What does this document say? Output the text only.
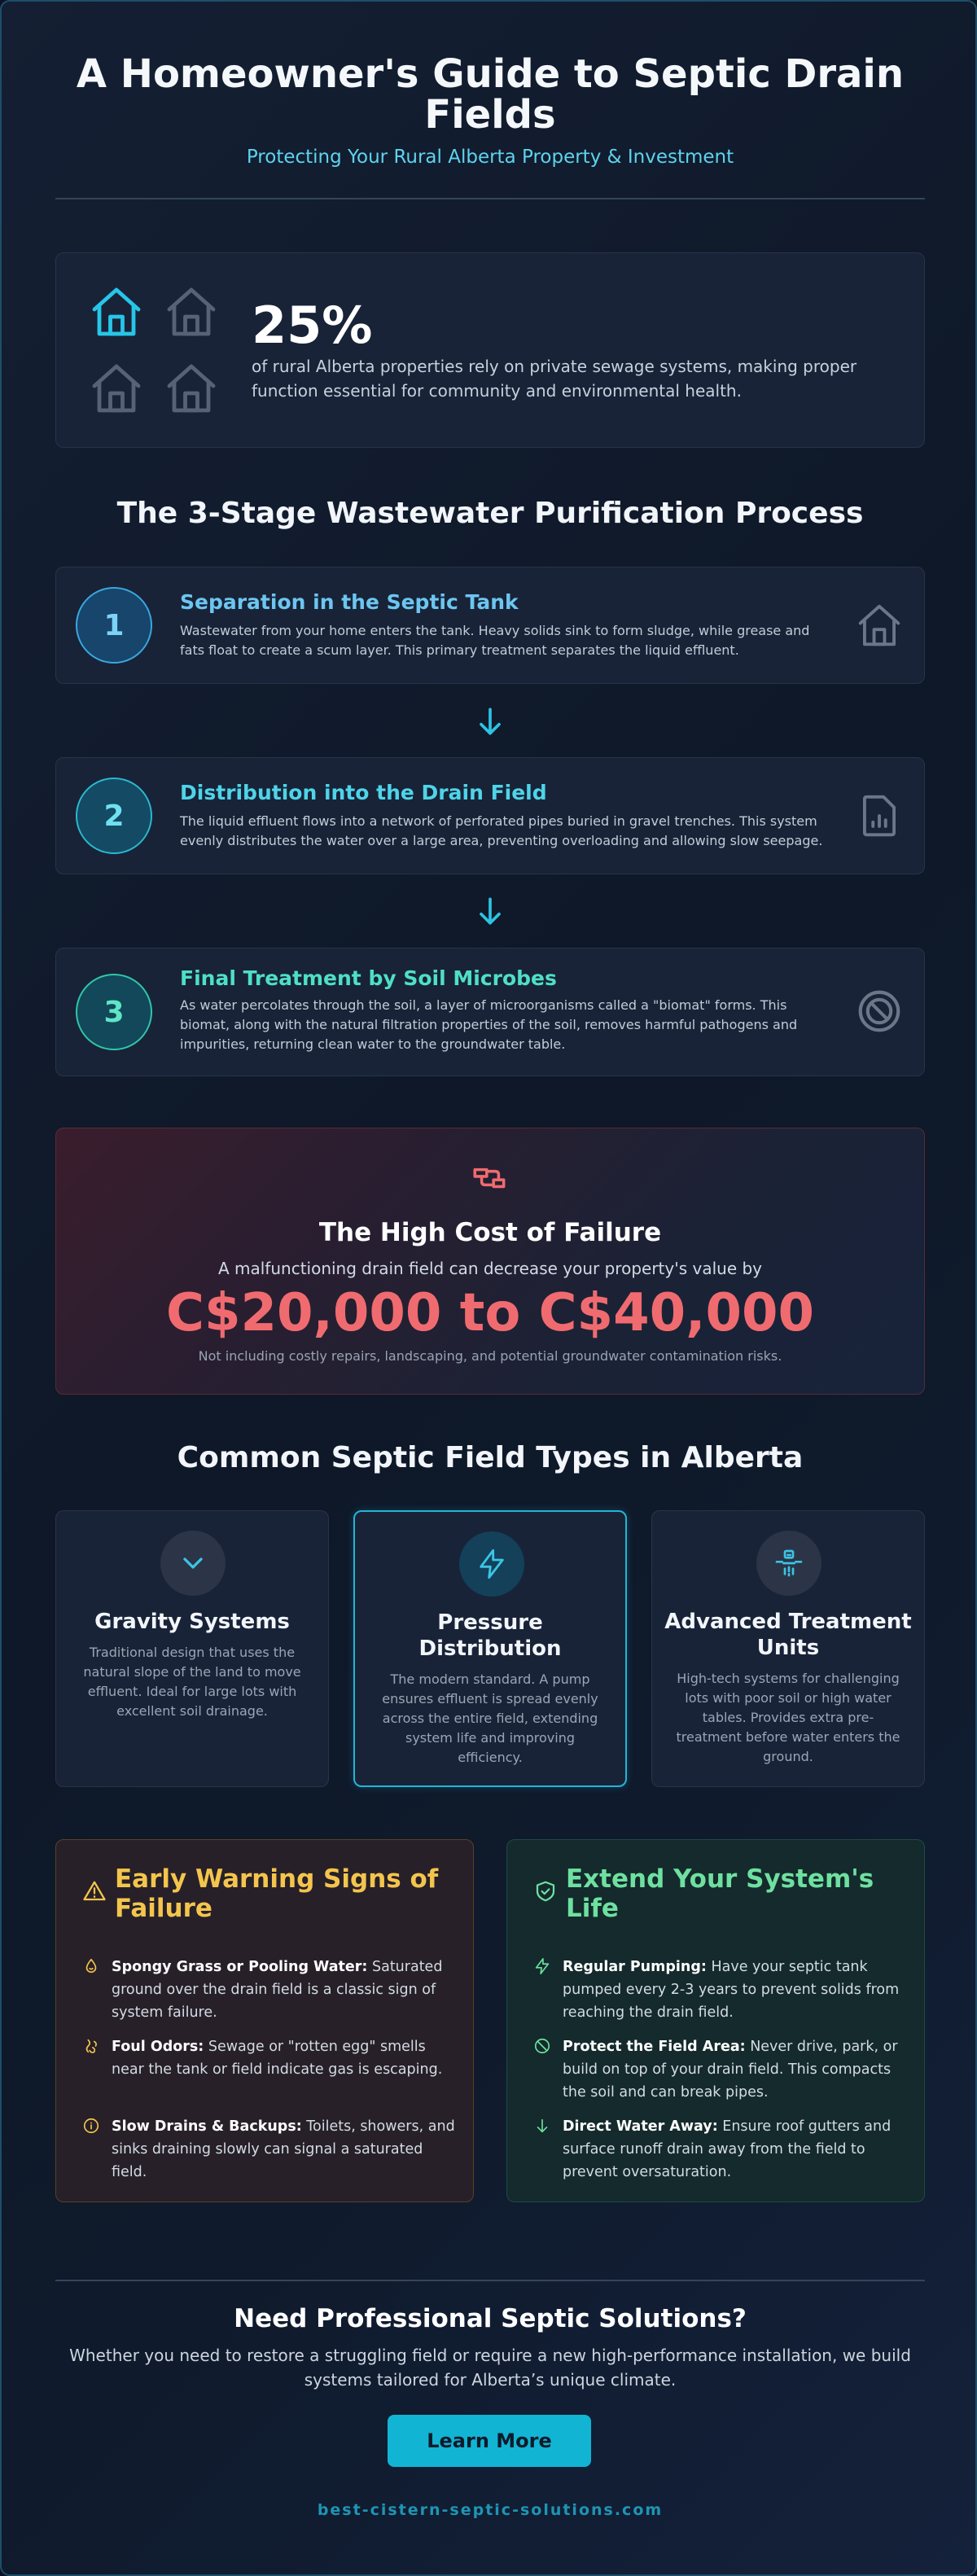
A Homeowner's Guide to Septic Drain Fields
Protecting Your Rural Alberta Property & Investment
25%
of rural Alberta properties rely on private sewage systems, making proper function essential for community and environmental health.
The 3-Stage Wastewater Purification Process
1
Separation in the Septic Tank
Wastewater from your home enters the tank. Heavy solids sink to form sludge, while grease and fats float to create a scum layer. This primary treatment separates the liquid effluent.
2
Distribution into the Drain Field
The liquid effluent flows into a network of perforated pipes buried in gravel trenches. This system evenly distributes the water over a large area, preventing overloading and allowing slow seepage.
3
Final Treatment by Soil Microbes
As water percolates through the soil, a layer of microorganisms called a "biomat" forms. This biomat, along with the natural filtration properties of the soil, removes harmful pathogens and impurities, returning clean water to the groundwater table.
The High Cost of Failure
A malfunctioning drain field can decrease your property's value by
C$20,000 to C$40,000
Not including costly repairs, landscaping, and potential groundwater contamination risks.
Common Septic Field Types in Alberta
Gravity Systems
Traditional design that uses the natural slope of the land to move effluent. Ideal for large lots with excellent soil drainage.
Pressure Distribution
The modern standard. A pump ensures effluent is spread evenly across the entire field, extending system life and improving efficiency.
Advanced Treatment Units
High-tech systems for challenging lots with poor soil or high water tables. Provides extra pre-treatment before water enters the ground.
Early Warning Signs of Failure
Spongy Grass or Pooling Water: Saturated ground over the drain field is a classic sign of system failure.
Foul Odors: Sewage or "rotten egg" smells near the tank or field indicate gas is escaping.
Slow Drains & Backups: Toilets, showers, and sinks draining slowly can signal a saturated field.
Extend Your System's Life
Regular Pumping: Have your septic tank pumped every 2-3 years to prevent solids from reaching the drain field.
Protect the Field Area: Never drive, park, or build on top of your drain field. This compacts the soil and can break pipes.
Direct Water Away: Ensure roof gutters and surface runoff drain away from the field to prevent oversaturation.
Need Professional Septic Solutions?
Whether you need to restore a struggling field or require a new high-performance installation, we build systems tailored for Alberta’s unique climate.
Learn More
best-cistern-septic-solutions.com
